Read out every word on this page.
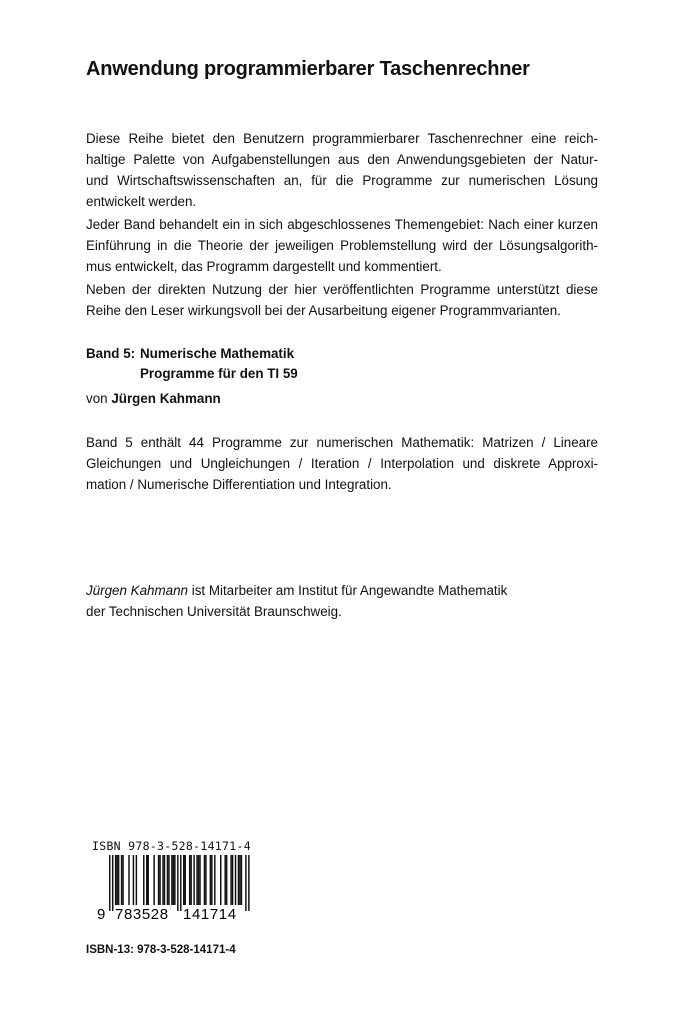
Anwendung programmierbarer Taschenrechner
Diese Reihe bietet den Benutzern programmierbarer Taschenrechner eine reich-
haltige Palette von Aufgabenstellungen aus den Anwendungsgebieten der Natur-
und Wirtschaftswissenschaften an, für die Programme zur numerischen Lösung
entwickelt werden.
Jeder Band behandelt ein in sich abgeschlossenes Themengebiet: Nach einer kurzen
Einführung in die Theorie der jeweiligen Problemstellung wird der Lösungsalgorith-
mus entwickelt, das Programm dargestellt und kommentiert.
Neben der direkten Nutzung der hier veröffentlichten Programme unterstützt diese
Reihe den Leser wirkungsvoll bei der Ausarbeitung eigener Programmvarianten.
Band 5: Numerische Mathematik
Programme für den TI 59
von Jürgen Kahmann
Band 5 enthält 44 Programme zur numerischen Mathematik: Matrizen / Lineare
Gleichungen und Ungleichungen / Iteration / Interpolation und diskrete Approxi-
mation / Numerische Differentiation und Integration.
Jürgen Kahmann ist Mitarbeiter am Institut für Angewandte Mathematik
der Technischen Universität Braunschweig.
ISBN 978-3-528-14171-4
9 783528 141714
ISBN-13: 978-3-528-14171-4
